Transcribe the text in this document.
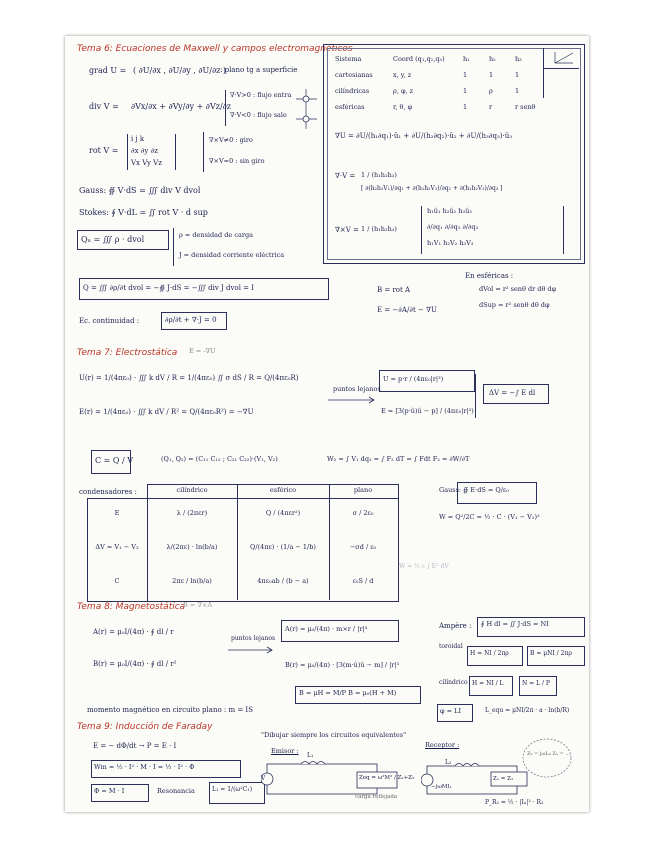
Tema 6: Ecuaciones de Maxwell y campos electromagnéticos
grad U = ( ∂U/∂x , ∂U/∂y , ∂U/∂z )
: plano tg a superficie
div V = ∂Vx/∂x + ∂Vy/∂y + ∂Vz/∂z
∇·V>0 : flujo entra
∇·V<0 : flujo sale
rot V =
i j k
∂x ∂y ∂z
Vx Vy Vz
∇×V≠0 : giro
∇×V=0 : sin giro
Gauss: ∯ V·dS = ∭ div V dvol
Stokes: ∮ V·dL = ∬ rot V · d sup
Qₙ = ∭ ρ · dvol	ρ = densidad de carga
J = densidad corriente eléctrica
Q = ∭ ∂ρ/∂t dvol = −∯ J·dS = −∭ div J dvol = I
Ec. continuidad :	∂ρ/∂t + ∇·J = 0
B = rot A
E = −∂A/∂t − ∇U
En esféricas :
dVol = r² senθ dr dθ dφ
dSup = r² senθ dθ dφ
Sistema	Coord (q₁,q₂,q₃)	h₁	h₂	h₃
cartesianas	x, y, z	1	1	1
cilíndricas	ρ, φ, z	1	ρ	1
esféricas	r, θ, φ	1	r	r senθ
∇U = ∂U/(h₁∂q₁)·û₁ + ∂U/(h₂∂q₂)·û₂ + ∂U/(h₃∂q₃)·û₃
∇·V = 1 / (h₁h₂h₃)
[ ∂(h₂h₃V₁)/∂q₁ + ∂(h₁h₃V₂)/∂q₂ + ∂(h₁h₂V₃)/∂q₃ ]
∇×V = 1 / (h₁h₂h₃)
h₁û₁ h₂û₂ h₃û₃
∂/∂q₁ ∂/∂q₂ ∂/∂q₃
h₁V₁ h₂V₂ h₃V₃
Tema 7: Electrostática E = -∇U
U(r) = 1/(4πε₀) · ∭ k dV / R = 1/(4πε₀) ∬ σ dS / R = Q/(4πε₀R)
E(r) = 1/(4πε₀) · ∭ k dV / R² = Q/(4πε₀R²) = −∇U
puntos lejanos
U = p·r / (4πε₀|r|³)
E = [3(p·û)û − p] / (4πε₀|r|³)
ΔV = −∫ E dl
C = Q / V	(Q₁, Q₂) = (C₁₁ C₁₂ ; C₂₁ C₂₂)·(V₁, V₂)	W₂ = ∫ V₁ dq₂ = ∫ F₂ dT = ∫ Fdt F₂ = ∂W/∂T
condensadores :	cilíndrico	esférico	plano
E	λ / (2πεr)	Q / (4πεr²)	σ / 2ε₀
ΔV = V₁ − V₂	λ/(2πε) · ln(b/a)	Q/(4πε) · (1/a − 1/b)	−σd / ε₀
C	2πε / ln(b/a)	4πε₀ab / (b − a)	ε₀S / d
Gauss: ∯ E·dS = Q/ε₀
W = Q²/2C = ½ · C · (V₁ − V₂)²
W = ½ ε ∫ E² dV
Tema 8: Magnetostática
B = ∇×A
A(r) = μ₀I/(4π) · ∮ dl / r
B(r) = μ₀I/(4π) · ∮ dl / r²
puntos lejanos
A(r) = μ₀/(4π) · m×r / |r|³
B(r) = μ₀/(4π) · [3(m·û)û − m] / |r|³
B = μH = M/P B = μ₀(H + M)
momento magnético en circuito plano : m = IS
Ampère : ∮ H dl = ∬ J·dS = NI
toroidal
H = NI / 2πρ	B = μNI / 2πρ
cilíndrico H = NI / L	N = L / P
φ = LI	L_equ = μNI/2π · a · ln(b/R)
Tema 9: Inducción de Faraday
E = − dΦ/dt → P = E · I
Wm = ½ · I² · M · I = ½ · I² · Φ
Φ = M · I	Resonancia	L₁ = 1/(ω²C₁)
"Dibujar siempre los circuitos equivalentes"
Emisor :
Receptor :
V
L₁
Zeq = ω²M² / Z₂+Z₃
carga reflejada
L₂
−jωMI₁
Z₁ = Z₂
P_R₂ = ½ · |Iₙ|² · R₂
Z₂ = jωL₂ Zₙ = ...
